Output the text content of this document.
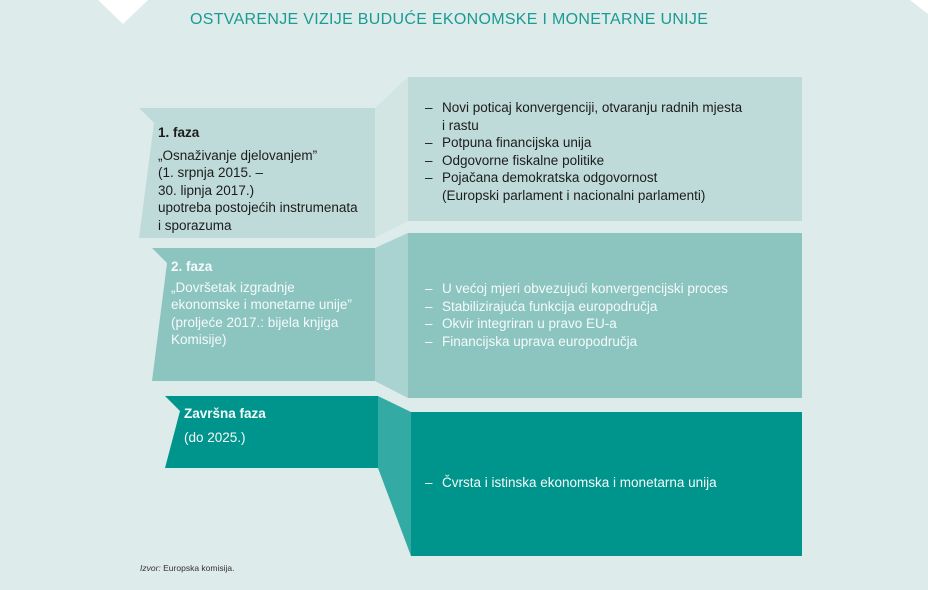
OSTVARENJE VIZIJE BUDUĆE EKONOMSKE I MONETARNE UNIJE
1. faza
„Osnaživanje djelovanjem”
(1. srpnja 2015. –
30. lipnja 2017.)
upotreba postojećih instrumenata
i sporazuma
– Novi poticaj konvergenciji, otvaranju radnih mjesta
i rastu
– Potpuna financijska unija
– Odgovorne fiskalne politike
– Pojačana demokratska odgovornost
(Europski parlament i nacionalni parlamenti)
2. faza
„Dovršetak izgradnje
ekonomske i monetarne unije”
(proljeće 2017.: bijela knjiga
Komisije)
– U većoj mjeri obvezujući konvergencijski proces
– Stabilizirajuća funkcija europodručja
– Okvir integriran u pravo EU-a
– Financijska uprava europodručja
Završna faza
(do 2025.)
– Čvrsta i istinska ekonomska i monetarna unija
Izvor: Europska komisija.
